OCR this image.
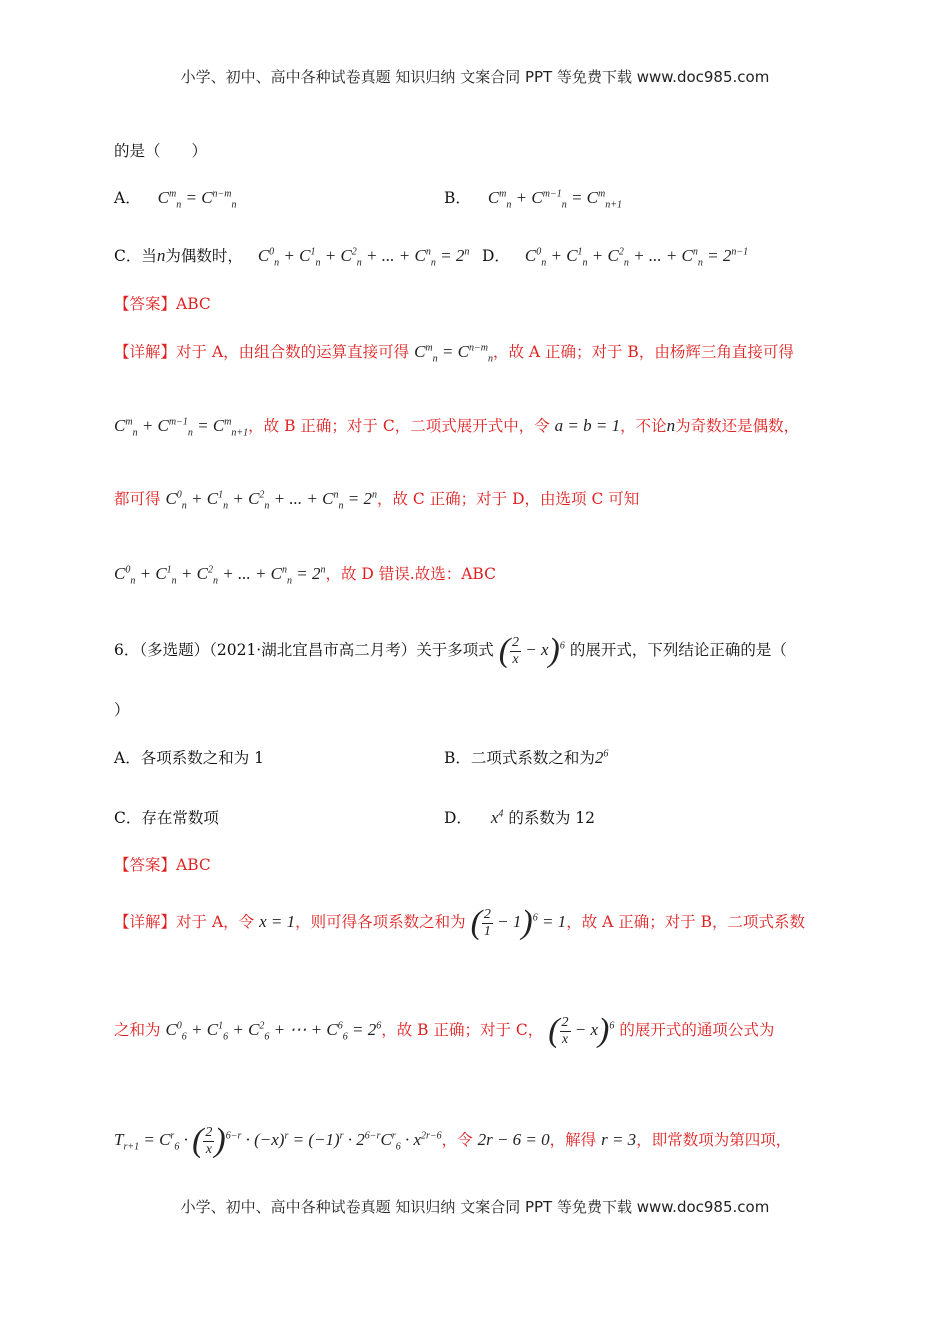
小学、初中、高中各种试卷真题 知识归纳 文案合同 PPT 等免费下载 www.doc985.com
的是（　　）
A． $C^m_n = C^{n-m}_n$	B． $C^m_n + C^{m-1}_n = C^m_{n+1}$
C．当n为偶数时， $C^0_n + C^1_n + C^2_n$ + ... + $C^n_n = 2^n$ D． $C^0_n + C^1_n + C^2_n$ + ... + $C^n_n = 2^{n-1}$
【答案】ABC
【详解】对于 A，由组合数的运算直接可得 $C^m_n = C^{n-m}_n$，故 A 正确；对于 B，由杨辉三角直接可得
$C^m_n + C^{m-1}_n = C^m_{n+1}$，故 B 正确；对于 C，二项式展开式中，令 a = b = 1，不论n为奇数还是偶数，
都可得 $C^0_n + C^1_n + C^2_n$ + ... + $C^n_n = 2^n$，故 C 正确；对于 D，由选项 C 可知
$C^0_n + C^1_n + C^2_n$ + ... + $C^n_n = 2^n$，故 D 错误.故选：ABC
6．（多选题）（2021·湖北宜昌市高二月考）关于多项式 ( $\frac{2}{x} - x)^6$ 的展开式，下列结论正确的是（
）
A．各项系数之和为 1	B．二项式系数之和为$2^6$
C．存在常数项	D． $x^4$ 的系数为 12
【答案】ABC
【详解】对于 A，令 x = 1，则可得各项系数之和为 ( $\frac{2}{1} - 1)^6 = 1$，故 A 正确；对于 B，二项式系数
之和为 $C^0_6 + C^1_6 + C^2_6$ + ⋯ + $C^6_6 = 2^6$，故 B 正确；对于 C， ( $\frac{2}{x} - x)^6$ 的展开式的通项公式为
$T_{r+1} = C^r_6$ · ( $\frac{2}{x} )^{6-r} \cdot (-x)^r = (-1)^r \cdot 2^{6-r}C^r_6 \cdot x^{2r-6}$，令 2r − 6 = 0，解得 r = 3，即常数项为第四项，
小学、初中、高中各种试卷真题 知识归纳 文案合同 PPT 等免费下载 www.doc985.com
